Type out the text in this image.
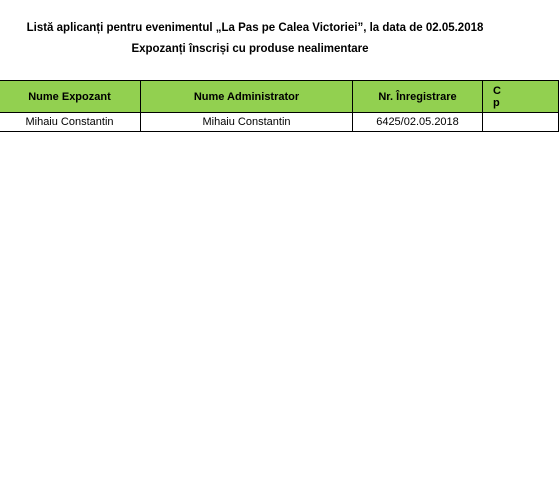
Listă aplicanți pentru evenimentul „La Pas pe Calea Victoriei”, la data de 02.05.2018
Expozanți înscriși cu produse nealimentare
Nume Expozant	Nume Administrator	Nr. Înregistrare	C
p
Mihaiu Constantin	Mihaiu Constantin	6425/02.05.2018	
